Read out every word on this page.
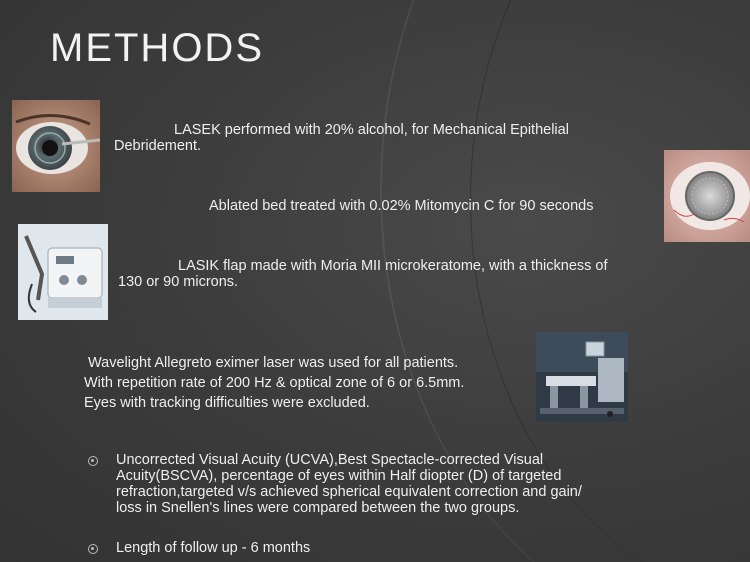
METHODS
LASEK performed with 20% alcohol, for Mechanical Epithelial
Debridement.
Ablated bed treated with 0.02% Mitomycin C for 90 seconds
LASIK flap made with Moria MII microkeratome, with a thickness of
130 or 90 microns.
Wavelight Allegreto eximer laser was used for all patients.
With repetition rate of 200 Hz & optical zone of 6 or 6.5mm.
Eyes with tracking difficulties were excluded.
Uncorrected Visual Acuity (UCVA),Best Spectacle-corrected Visual
Acuity(BSCVA), percentage of eyes within Half diopter (D) of targeted
refraction,targeted v/s achieved spherical equivalent correction and gain/
loss in Snellen's lines were compared between the two groups.
Length of follow up - 6 months
